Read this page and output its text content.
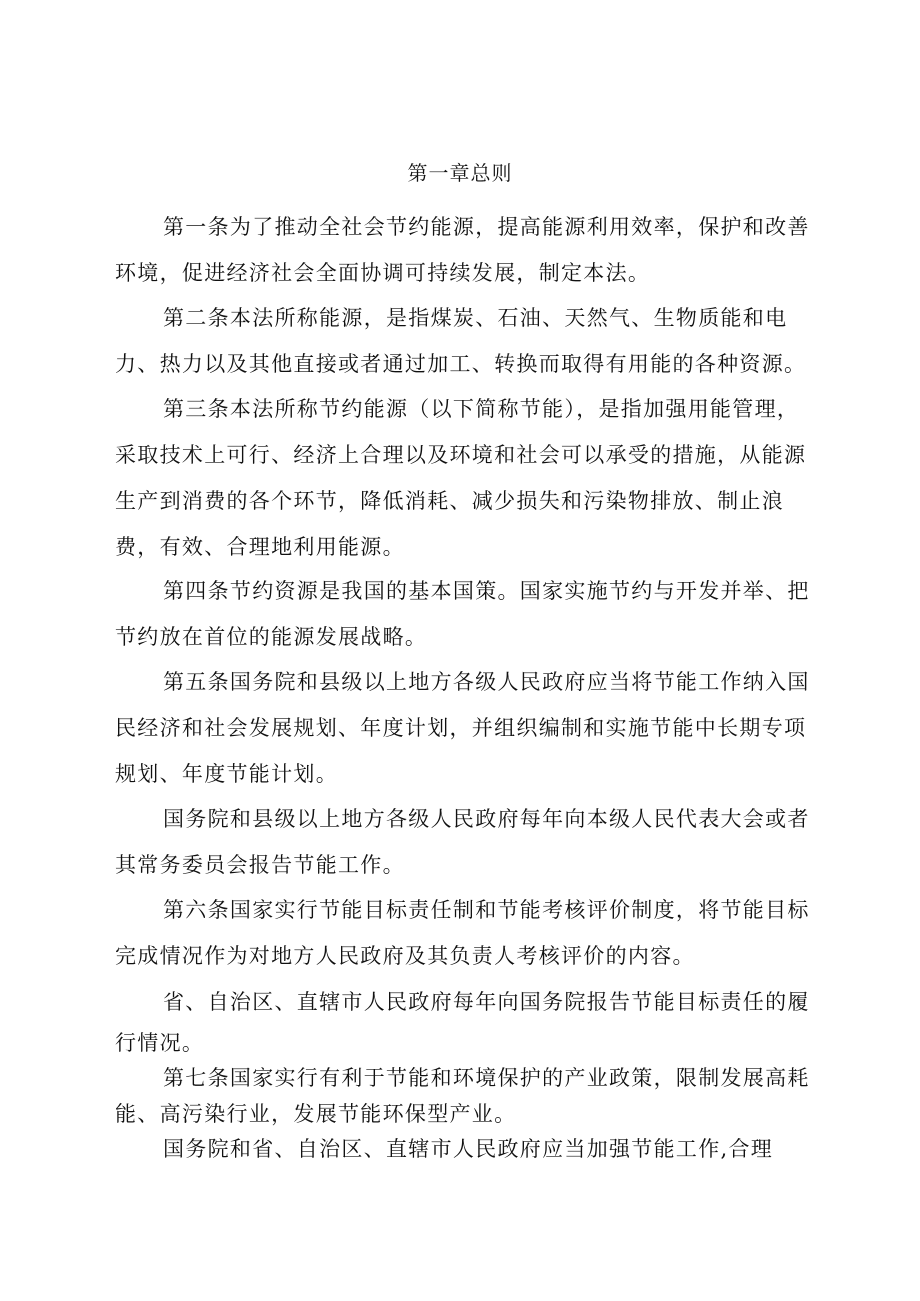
第一章总则

第一条为了推动全社会节约能源，提高能源利用效率，保护和改善环境，促进经济社会全面协调可持续发展，制定本法。

第二条本法所称能源，是指煤炭、石油、天然气、生物质能和电力、热力以及其他直接或者通过加工、转换而取得有用能的各种资源。

第三条本法所称节约能源（以下简称节能），是指加强用能管理，采取技术上可行、经济上合理以及环境和社会可以承受的措施，从能源生产到消费的各个环节，降低消耗、减少损失和污染物排放、制止浪费，有效、合理地利用能源。

第四条节约资源是我国的基本国策。国家实施节约与开发并举、把节约放在首位的能源发展战略。

第五条国务院和县级以上地方各级人民政府应当将节能工作纳入国民经济和社会发展规划、年度计划，并组织编制和实施节能中长期专项规划、年度节能计划。

国务院和县级以上地方各级人民政府每年向本级人民代表大会或者其常务委员会报告节能工作。

第六条国家实行节能目标责任制和节能考核评价制度，将节能目标完成情况作为对地方人民政府及其负责人考核评价的内容。

省、自治区、直辖市人民政府每年向国务院报告节能目标责任的履行情况。

第七条国家实行有利于节能和环境保护的产业政策，限制发展高耗能、高污染行业，发展节能环保型产业。

国务院和省、自治区、直辖市人民政府应当加强节能工作,合理
